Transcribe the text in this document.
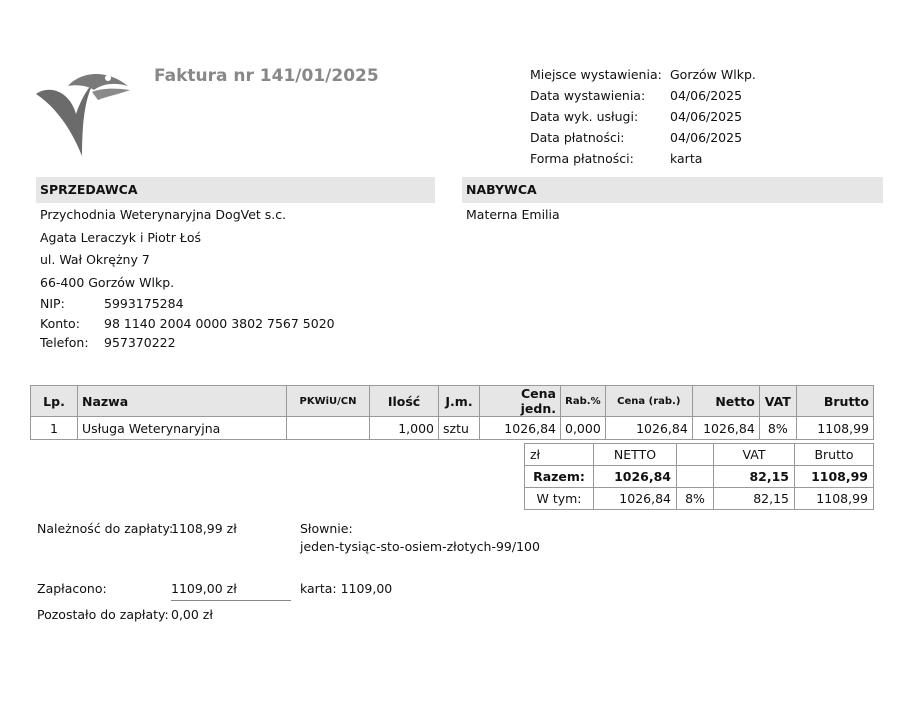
Faktura nr 141/01/2025	Miejsce wystawienia: Gorzów Wlkp.
Data wystawienia: 04/06/2025
Data wyk. usługi:	04/06/2025
Data płatności:	04/06/2025
Forma płatności:	karta
SPRZEDAWCA	NABYWCA
Przychodnia Weterynaryjna DogVet s.c.
Agata Leraczyk i Piotr Łoś
ul. Wał Okrężny 7
66-400 Gorzów Wlkp.
NIP:	5993175284
Konto: 98 1140 2004 0000 3802 7567 5020
Telefon: 957370222
Materna Emilia
Lp.	Nazwa	PKWiU/CN	Ilość	J.m.	Cena jedn.	Rab.%	Cena (rab.)	Netto	VAT	Brutto
1	Usługa Weterynaryjna		1,000	sztu	1026,84	0,000	1026,84	1026,84	8%	1108,99
zł	NETTO		VAT	Brutto
Razem:	1026,84		82,15	1108,99
W tym:	1026,84	8%	82,15	1108,99
Należność do zapłaty:
1108,99 zł	Słownie:
jeden-tysiąc-sto-osiem-złotych-99/100
Zapłacono:	1109,00 zł	karta: 1109,00
Pozostało do zapłaty: 0,00 zł
